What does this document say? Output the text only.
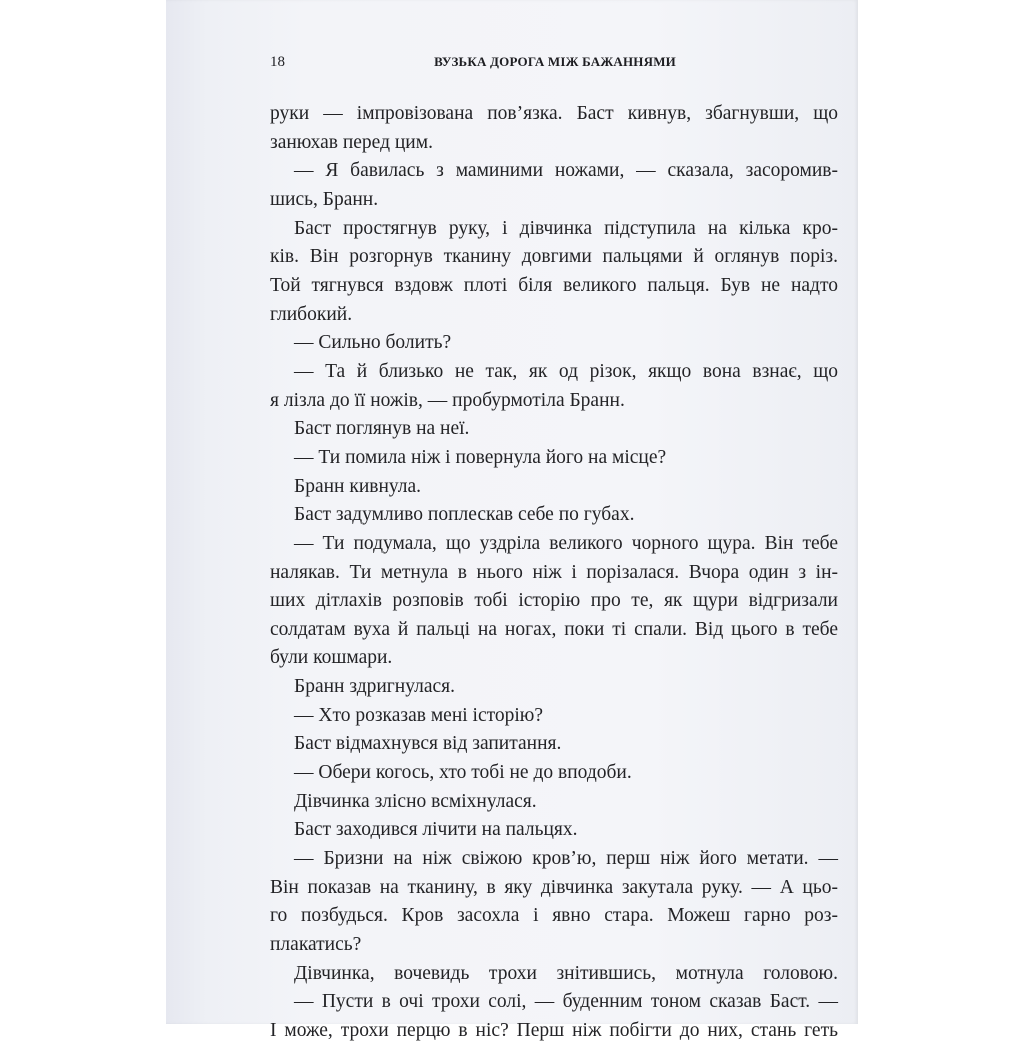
18	ВУЗЬКА ДОРОГА МІЖ БАЖАННЯМИ
руки — імпровізована пов’язка. Баст кивнув, збагнувши, що
занюхав перед цим.
— Я бавилась з маминими ножами, — сказала, засоромив-
шись, Бранн.
Баст простягнув руку, і дівчинка підступила на кілька кро-
ків. Він розгорнув тканину довгими пальцями й оглянув поріз.
Той тягнувся вздовж плоті біля великого пальця. Був не надто
глибокий.
— Сильно болить?
— Та й близько не так, як од різок, якщо вона взнає, що
я лізла до її ножів, — пробурмотіла Бранн.
Баст поглянув на неї.
— Ти помила ніж і повернула його на місце?
Бранн кивнула.
Баст задумливо поплескав себе по губах.
— Ти подумала, що уздріла великого чорного щура. Він тебе
налякав. Ти метнула в нього ніж і порізалася. Вчора один з ін-
ших дітлахів розповів тобі історію про те, як щури відгризали
солдатам вуха й пальці на ногах, поки ті спали. Від цього в тебе
були кошмари.
Бранн здригнулася.
— Хто розказав мені історію?
Баст відмахнувся від запитання.
— Обери когось, хто тобі не до вподоби.
Дівчинка злісно всміхнулася.
Баст заходився лічити на пальцях.
— Бризни на ніж свіжою кров’ю, перш ніж його метати. —
Він показав на тканину, в яку дівчинка закутала руку. — А цьо-
го позбудься. Кров засохла і явно стара. Можеш гарно роз-
плакатись?
Дівчинка, вочевидь трохи знітившись, мотнула головою.
— Пусти в очі трохи солі, — буденним тоном сказав Баст. —
І може, трохи перцю в ніс? Перш ніж побігти до них, стань геть
